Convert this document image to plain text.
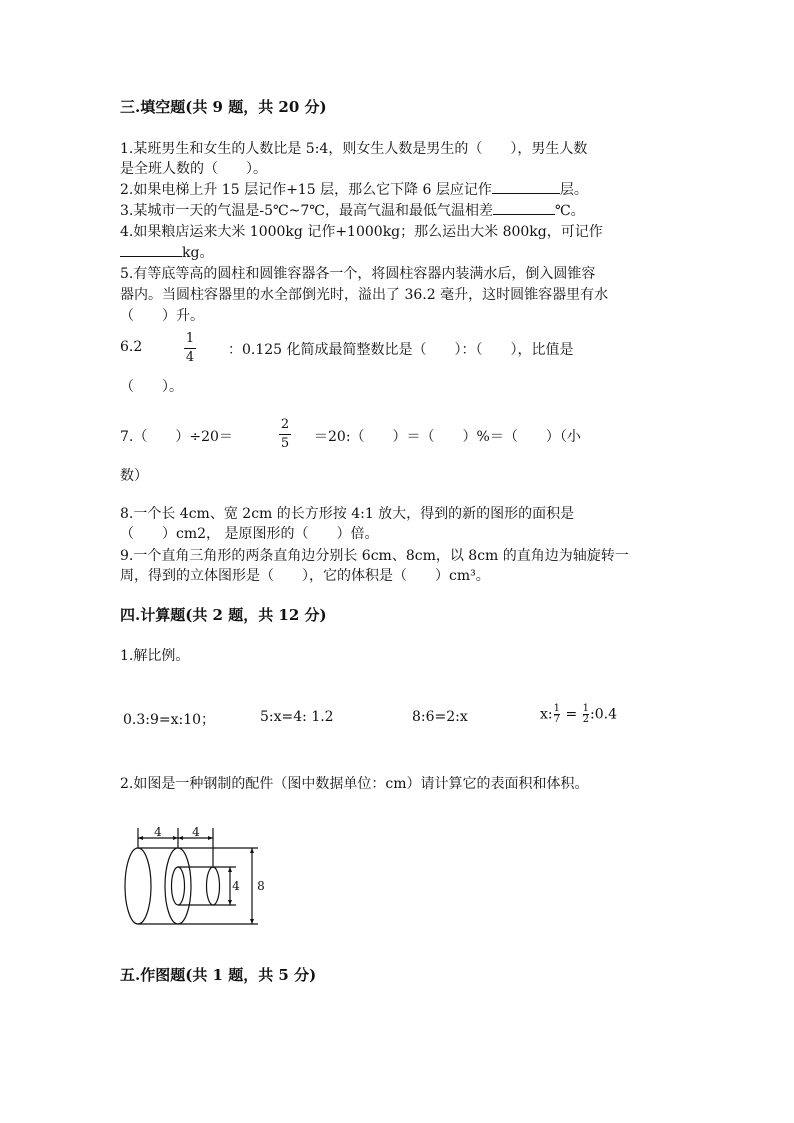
三.填空题(共 9 题，共 20 分)
1.某班男生和女生的人数比是 5:4，则女生人数是男生的（　　），男生人数
是全班人数的（　　）。
2.如果电梯上升 15 层记作+15 层，那么它下降 6 层应记作	层。
3.某城市一天的气温是-5℃~7℃，最高气温和最低气温相差	℃。
4.如果粮店运来大米 1000kg 记作+1000kg；那么运出大米 800kg，可记作
kg。
5.有等底等高的圆柱和圆锥容器各一个，将圆柱容器内装满水后，倒入圆锥容
器内。当圆柱容器里的水全部倒光时，溢出了 36.2 毫升，这时圆锥容器里有水
（　　）升。
6.2
1
4 ：0.125 化简成最简整数比是（　　）：（　　），比值是
（　　）。
7.（　　）÷20＝
2
5 ＝20:（　　）＝（　　）%＝（　　）（小
数）
8.一个长 4cm、宽 2cm 的长方形按 4:1 放大，得到的新的图形的面积是
（　　）cm2， 是原图形的（　　）倍。
9.一个直角三角形的两条直角边分别长 6cm、8cm，以 8cm 的直角边为轴旋转一
周，得到的立体图形是（　　），它的体积是（　　）cm³。
四.计算题(共 2 题，共 12 分)
1.解比例。
0.3:9=x:10；	5:x=4: 1.2	8:6=2:x	x: $\frac{1}{7} = \frac{1}{2}$ :0.4
2.如图是一种钢制的配件（图中数据单位：cm）请计算它的表面积和体积。
4	4
4 8
五.作图题(共 1 题，共 5 分)
